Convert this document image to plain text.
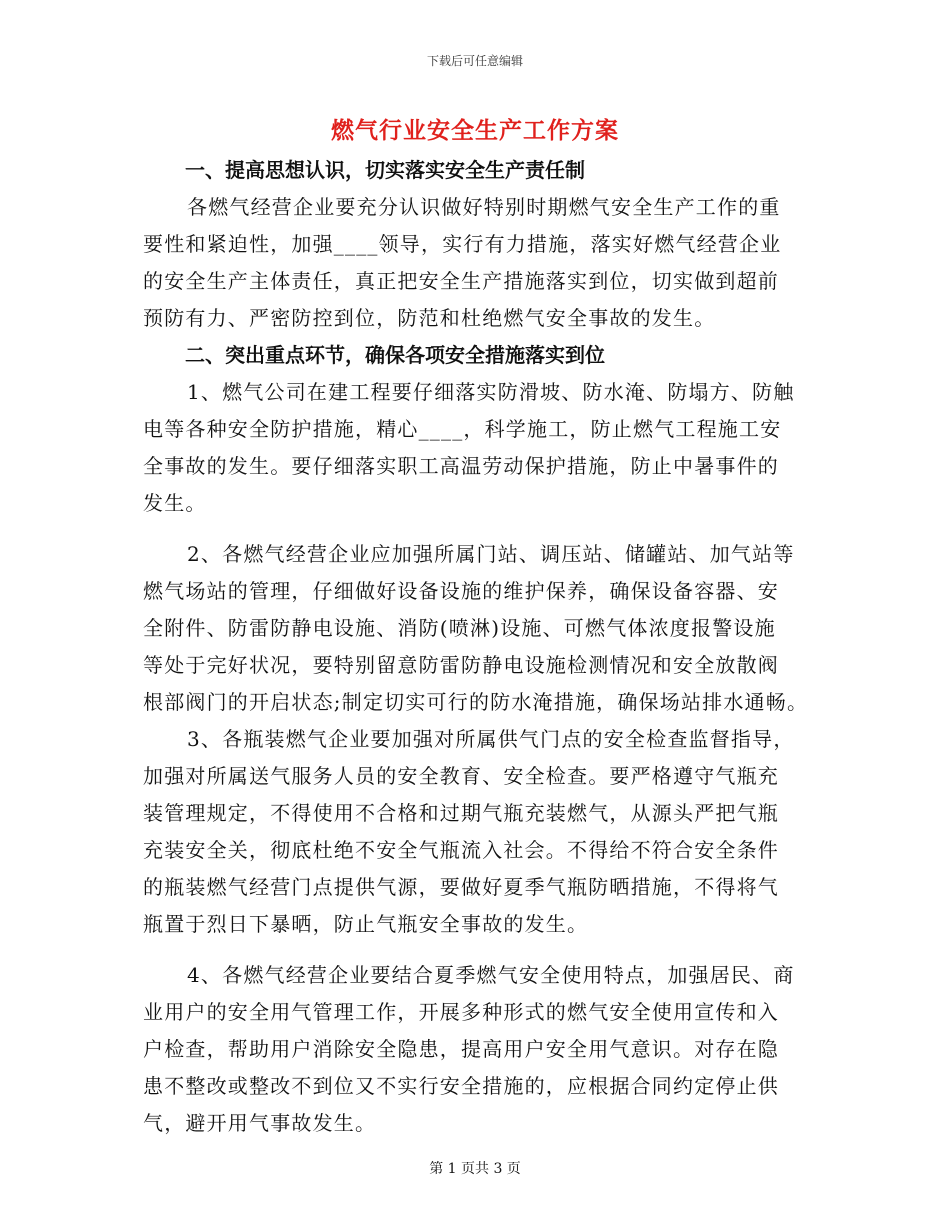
下载后可任意编辑
燃气行业安全生产工作方案
一、提高思想认识，切实落实安全生产责任制
各燃气经营企业要充分认识做好特别时期燃气安全生产工作的重
要性和紧迫性，加强____领导，实行有力措施，落实好燃气经营企业
的安全生产主体责任，真正把安全生产措施落实到位，切实做到超前
预防有力、严密防控到位，防范和杜绝燃气安全事故的发生。
二、突出重点环节，确保各项安全措施落实到位
1、燃气公司在建工程要仔细落实防滑坡、防水淹、防塌方、防触
电等各种安全防护措施，精心____，科学施工，防止燃气工程施工安
全事故的发生。要仔细落实职工高温劳动保护措施，防止中暑事件的
发生。
2、各燃气经营企业应加强所属门站、调压站、储罐站、加气站等
燃气场站的管理，仔细做好设备设施的维护保养，确保设备容器、安
全附件、防雷防静电设施、消防(喷淋)设施、可燃气体浓度报警设施
等处于完好状况，要特别留意防雷防静电设施检测情况和安全放散阀
根部阀门的开启状态;制定切实可行的防水淹措施，确保场站排水通畅。
3、各瓶装燃气企业要加强对所属供气门点的安全检查监督指导，
加强对所属送气服务人员的安全教育、安全检查。要严格遵守气瓶充
装管理规定，不得使用不合格和过期气瓶充装燃气，从源头严把气瓶
充装安全关，彻底杜绝不安全气瓶流入社会。不得给不符合安全条件
的瓶装燃气经营门点提供气源，要做好夏季气瓶防晒措施，不得将气
瓶置于烈日下暴晒，防止气瓶安全事故的发生。
4、各燃气经营企业要结合夏季燃气安全使用特点，加强居民、商
业用户的安全用气管理工作，开展多种形式的燃气安全使用宣传和入
户检查，帮助用户消除安全隐患，提高用户安全用气意识。对存在隐
患不整改或整改不到位又不实行安全措施的，应根据合同约定停止供
气，避开用气事故发生。
第 1 页共 3 页
